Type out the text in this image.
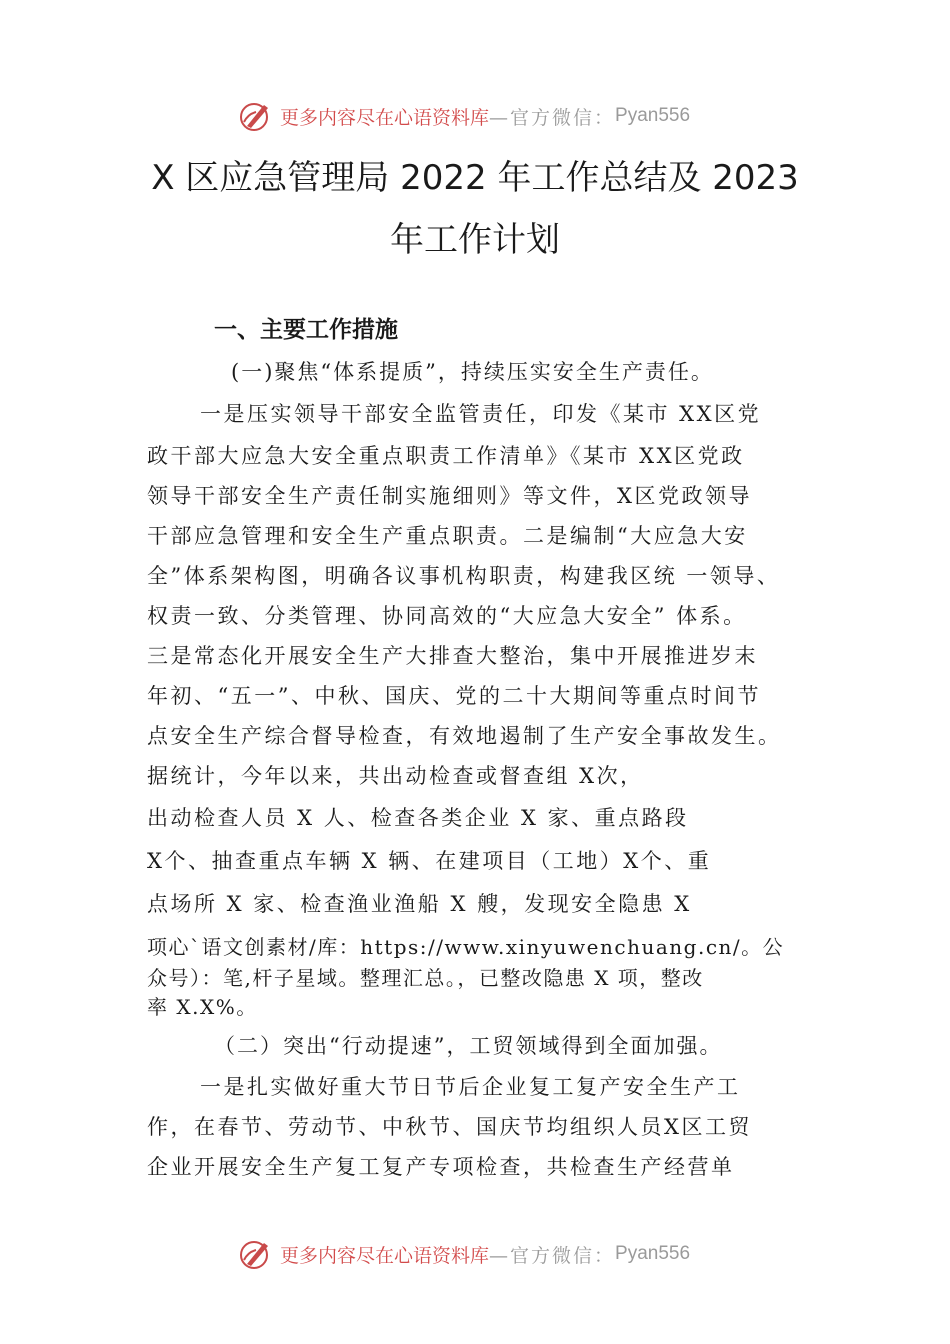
更多内容尽在心语资料库 —官方微信： Pyan556
X 区应急管理局 2022 年工作总结及 2023
年工作计划
一、主要工作措施
(一)聚焦“体系提质”，持续压实安全生产责任。
一是压实领导干部安全监管责任，印发《某市 XX区党
政干部大应急大安全重点职责工作清单》《某市 XX区党政
领导干部安全生产责任制实施细则》等文件，X区党政领导
干部应急管理和安全生产重点职责。二是编制“大应急大安
全”体系架构图，明确各议事机构职责，构建我区统 一领导、
权责一致、分类管理、协同高效的“大应急大安全” 体系。
三是常态化开展安全生产大排查大整治，集中开展推进岁末
年初、“五一”、中秋、国庆、党的二十大期间等重点时间节
点安全生产综合督导检查，有效地遏制了生产安全事故发生。
据统计，今年以来，共出动检查或督查组 X次，
出动检查人员 X 人、检查各类企业 X 家、重点路段
X个、抽查重点车辆 X 辆、在建项目（工地）X个、重
点场所 X 家、检查渔业渔船 X 艘，发现安全隐患 X
项心`语文创素材/库：https://www.xinyuwenchuang.cn/。公
众号）：笔,杆子星域。整理汇总。，已整改隐患 X 项，整改
率 X.X%。
（二）突出“行动提速”，工贸领域得到全面加强。
一是扎实做好重大节日节后企业复工复产安全生产工
作，在春节、劳动节、中秋节、国庆节均组织人员X区工贸
企业开展安全生产复工复产专项检查，共检查生产经营单
更多内容尽在心语资料库 —官方微信： Pyan556
